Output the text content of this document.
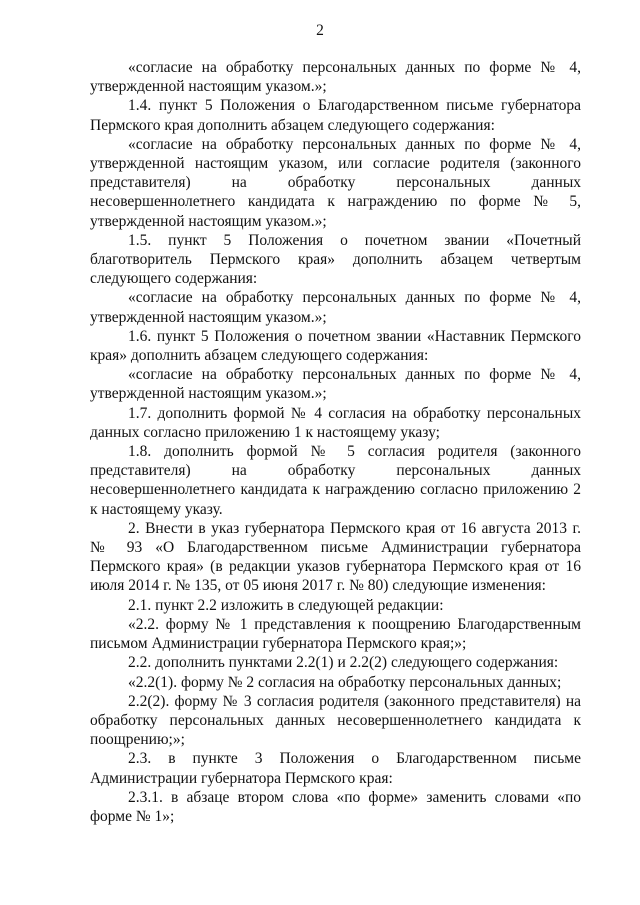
2

«согласие на обработку персональных данных по форме № 4, утвержденной настоящим указом.»;

1.4. пункт 5 Положения о Благодарственном письме губернатора Пермского края дополнить абзацем следующего содержания:

«согласие на обработку персональных данных по форме № 4, утвержденной настоящим указом, или согласие родителя (законного представителя) на обработку персональных данных несовершеннолетнего кандидата к награждению по форме № 5, утвержденной настоящим указом.»;

1.5. пункт 5 Положения о почетном звании «Почетный благотворитель Пермского края» дополнить абзацем четвертым следующего содержания:

«согласие на обработку персональных данных по форме № 4, утвержденной настоящим указом.»;

1.6. пункт 5 Положения о почетном звании «Наставник Пермского края» дополнить абзацем следующего содержания:

«согласие на обработку персональных данных по форме № 4, утвержденной настоящим указом.»;

1.7. дополнить формой № 4 согласия на обработку персональных данных согласно приложению 1 к настоящему указу;

1.8. дополнить формой № 5 согласия родителя (законного представителя) на обработку персональных данных несовершеннолетнего кандидата к награждению согласно приложению 2 к настоящему указу.

2. Внести в указ губернатора Пермского края от 16 августа 2013 г. № 93 «О Благодарственном письме Администрации губернатора Пермского края» (в редакции указов губернатора Пермского края от 16 июля 2014 г. № 135, от 05 июня 2017 г. № 80) следующие изменения:

2.1. пункт 2.2 изложить в следующей редакции:

«2.2. форму № 1 представления к поощрению Благодарственным письмом Администрации губернатора Пермского края;»;

2.2. дополнить пунктами 2.2(1) и 2.2(2) следующего содержания:

«2.2(1). форму № 2 согласия на обработку персональных данных;

2.2(2). форму № 3 согласия родителя (законного представителя) на обработку персональных данных несовершеннолетнего кандидата к поощрению;»;

2.3. в пункте 3 Положения о Благодарственном письме Администрации губернатора Пермского края:

2.3.1. в абзаце втором слова «по форме» заменить словами «по форме № 1»;
